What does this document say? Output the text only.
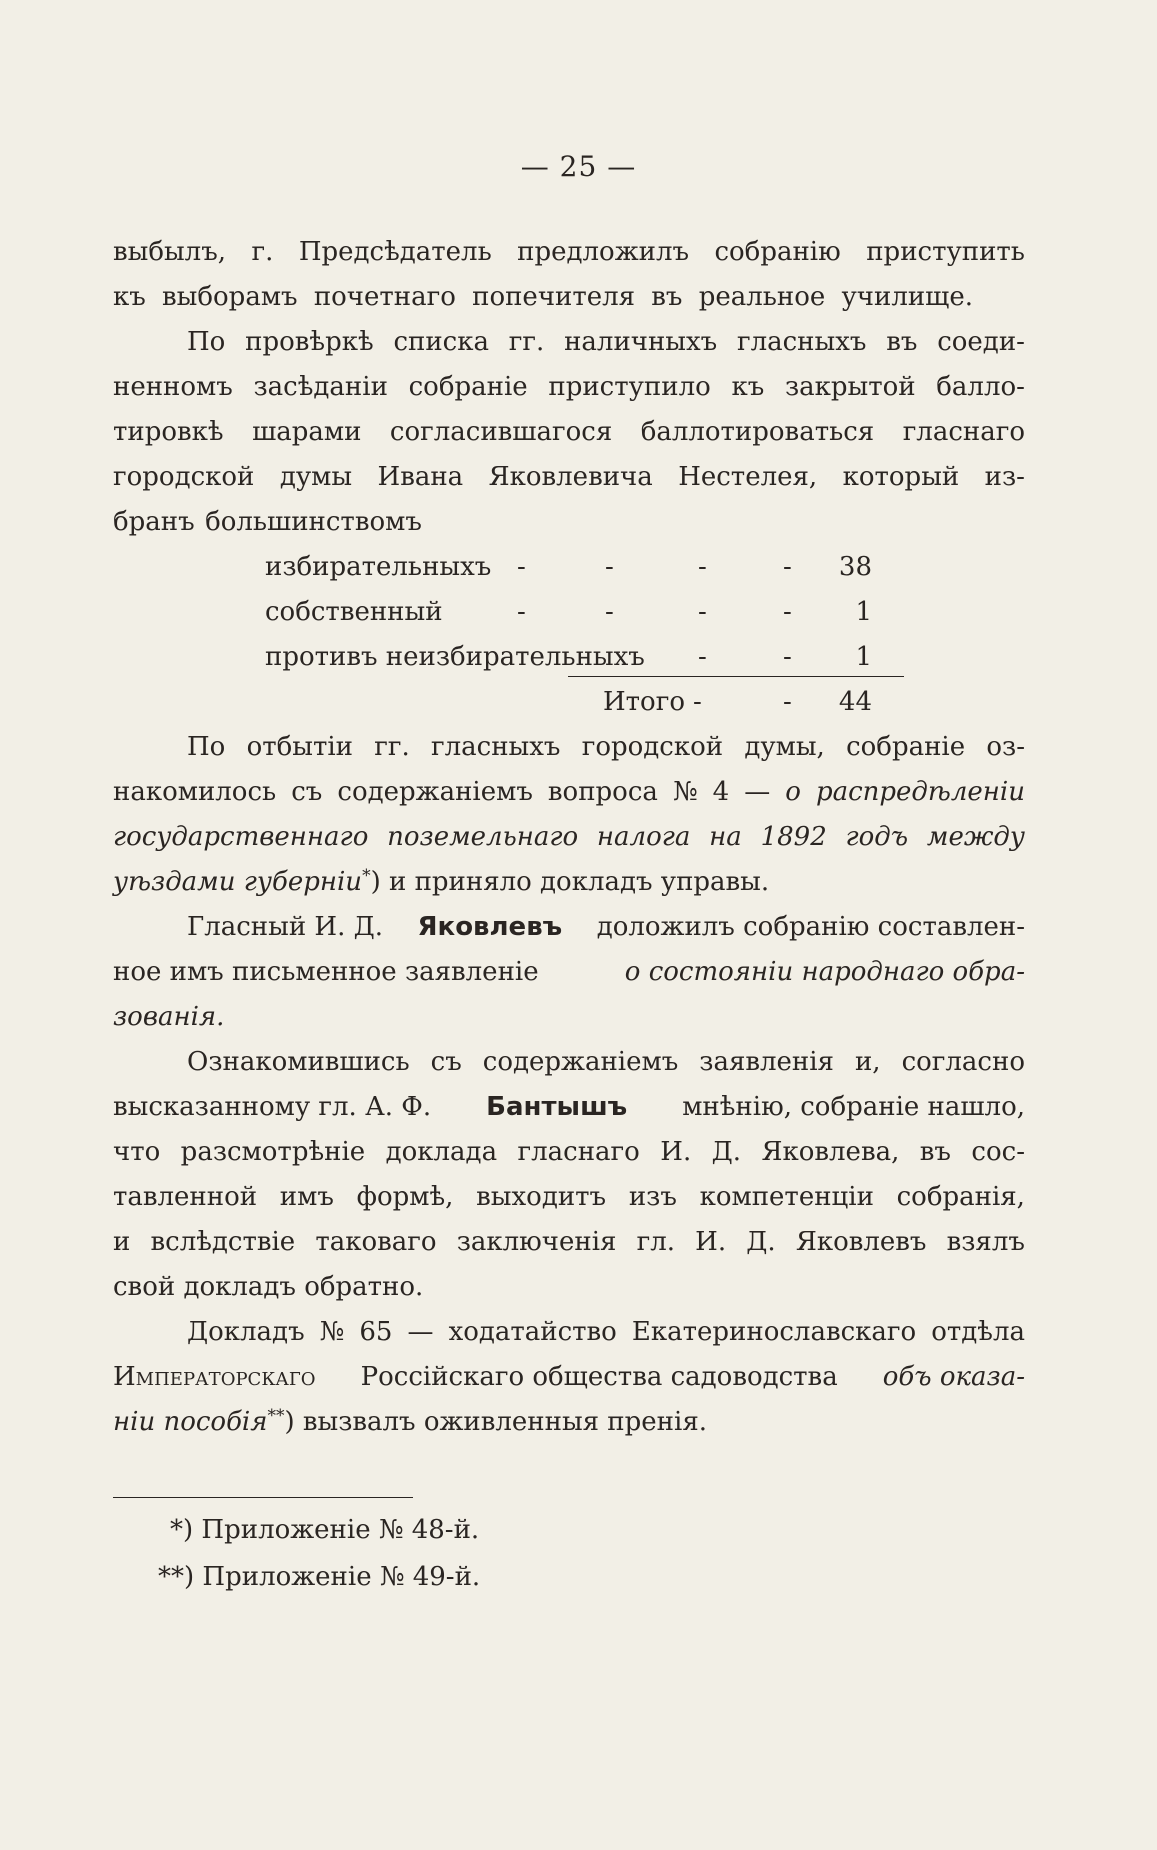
— 25 —
выбылъ, г. Предсѣдатель предложилъ собранію приступить
къ выборамъ почетнаго попечителя въ реальное училище.
По провѣркѣ списка гг. наличныхъ гласныхъ въ соеди-
ненномъ засѣданіи собраніе приступило къ закрытой балло-
тировкѣ шарами согласившагося баллотироваться гласнаго
городской думы Ивана Яковлевича Нестелея, который из-
бранъ большинствомъ
избирательныхъ -	-	-	-	38
собственный	-	-	-	-	1
противъ неизбирательныхъ -	-	1
Итого -	-	44
По отбытіи гг. гласныхъ городской думы, собраніе оз-
накомилось съ содержаніемъ вопроса № 4 — о распредѣленіи
государственнаго поземельнаго налога на 1892 годъ между
уѣздами губерніи *) и приняло докладъ управы.
Гласный И. Д. Яковлевъ доложилъ собранію составлен-
ное имъ письменное заявленіе	о состояніи народнаго обра-
зованія.
Ознакомившись съ содержаніемъ заявленія и, согласно
высказанному гл. А. Ф. Бантышъ мнѣнію, собраніе нашло,
что разсмотрѣніе доклада гласнаго И. Д. Яковлева, въ сос-
тавленной имъ формѣ, выходитъ изъ компетенціи собранія,
и вслѣдствіе таковаго заключенія гл. И. Д. Яковлевъ взялъ
свой докладъ обратно.
Докладъ № 65 — ходатайство Екатеринославскаго отдѣла
Императорскаго Россійскаго общества садоводства объ оказа-
ніи пособія **) вызвалъ оживленныя пренія.
*) Приложеніе № 48-й.
**) Приложеніе № 49-й.
